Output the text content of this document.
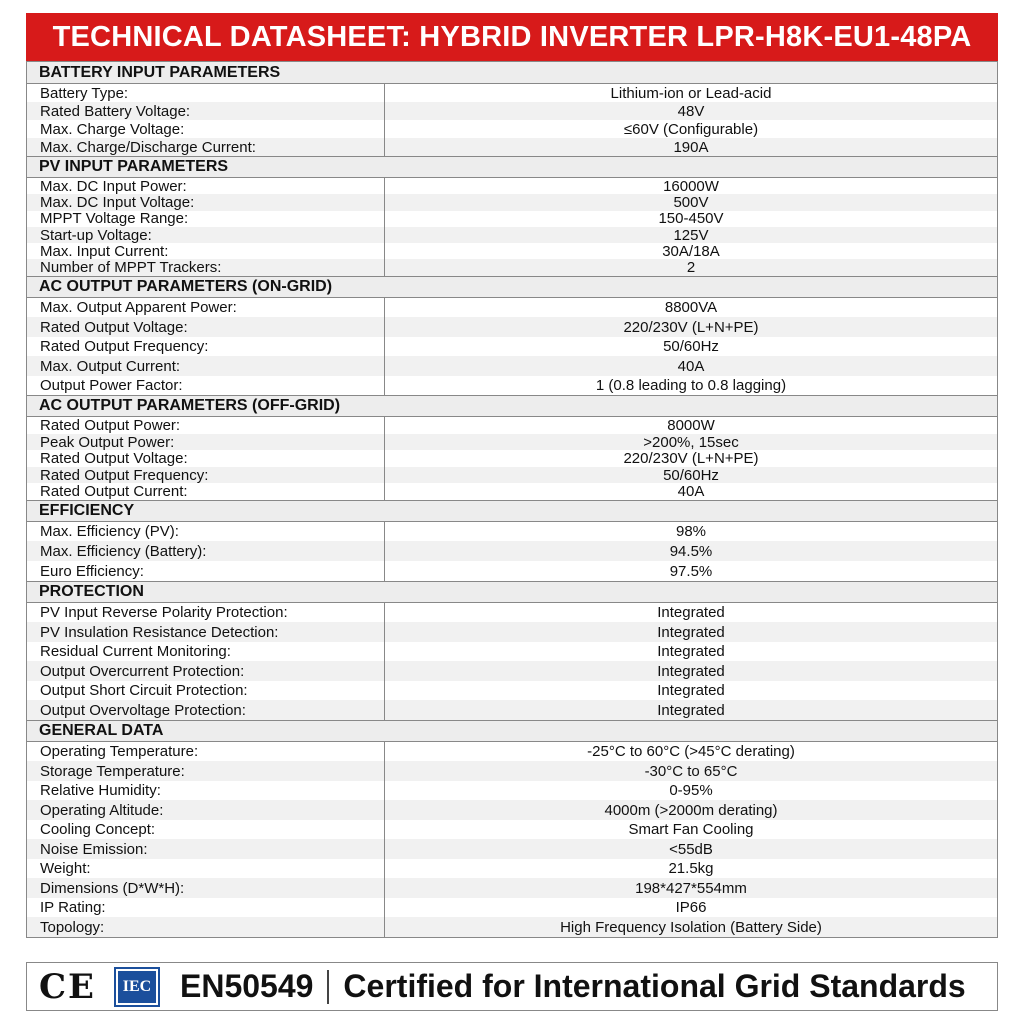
TECHNICAL DATASHEET: HYBRID INVERTER LPR-H8K-EU1-48PA
BATTERY INPUT PARAMETERS
Battery Type:
Rated Battery Voltage:
Max. Charge Voltage:
Max. Charge/Discharge Current:
Lithium-ion or Lead-acid
48V
≤60V (Configurable)
190A
PV INPUT PARAMETERS
Max. DC Input Power:
Max. DC Input Voltage:
MPPT Voltage Range:
Start-up Voltage:
Max. Input Current:
Number of MPPT Trackers:
16000W
500V
150-450V
125V
30A/18A
2
AC OUTPUT PARAMETERS (ON-GRID)
Max. Output Apparent Power:
Rated Output Voltage:
Rated Output Frequency:
Max. Output Current:
Output Power Factor:
8800VA
220/230V (L+N+PE)
50/60Hz
40A
1 (0.8 leading to 0.8 lagging)
AC OUTPUT PARAMETERS (OFF-GRID)
Rated Output Power:
Peak Output Power:
Rated Output Voltage:
Rated Output Frequency:
Rated Output Current:
8000W
>200%, 15sec
220/230V (L+N+PE)
50/60Hz
40A
EFFICIENCY
Max. Efficiency (PV):
Max. Efficiency (Battery):
Euro Efficiency:
98%
94.5%
97.5%
PROTECTION
PV Input Reverse Polarity Protection:
PV Insulation Resistance Detection:
Residual Current Monitoring:
Output Overcurrent Protection:
Output Short Circuit Protection:
Output Overvoltage Protection:
Integrated
Integrated
Integrated
Integrated
Integrated
Integrated
GENERAL DATA
Operating Temperature:
Storage Temperature:
Relative Humidity:
Operating Altitude:
Cooling Concept:
Noise Emission:
Weight:
Dimensions (D*W*H):
IP Rating:
Topology:
-25°C to 60°C (>45°C derating)
-30°C to 65°C
0-95%
4000m (>2000m derating)
Smart Fan Cooling
<55dB
21.5kg
198*427*554mm
IP66
High Frequency Isolation (Battery Side)
CE	IEC EN50549 Certified for International Grid Standards
